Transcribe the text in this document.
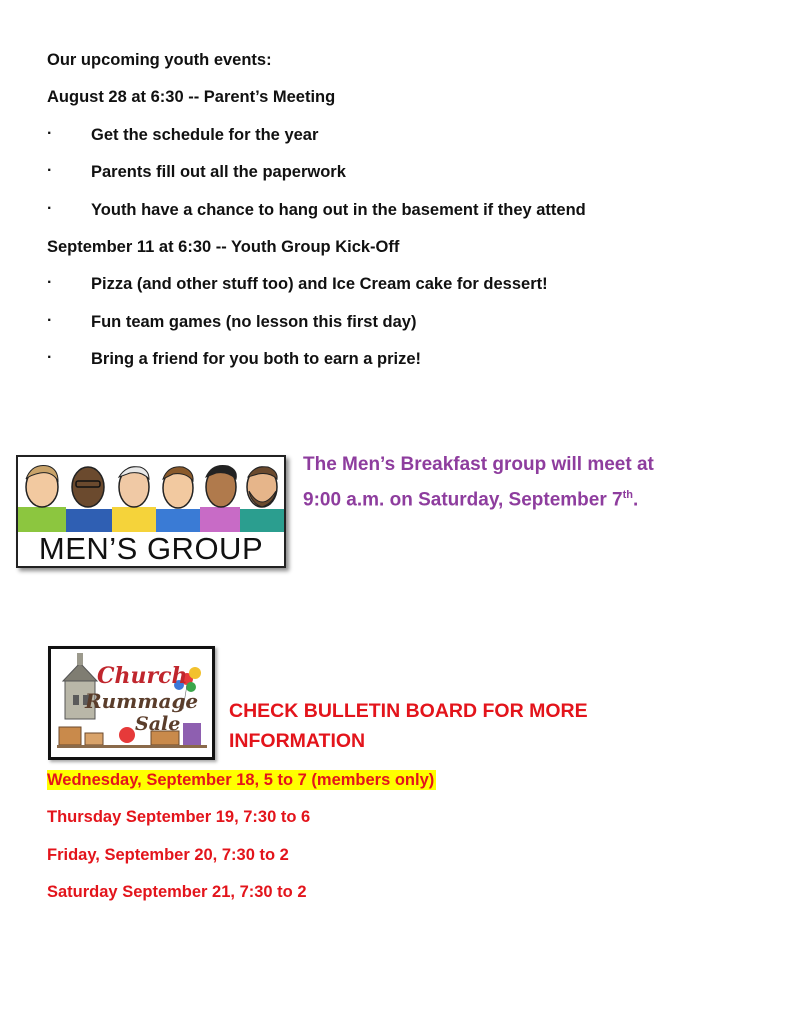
Our upcoming youth events:
August 28 at 6:30 -- Parent’s Meeting
· Get the schedule for the year
· Parents fill out all the paperwork
· Youth have a chance to hang out in the basement if they attend
September 11 at 6:30 -- Youth Group Kick-Off
· Pizza (and other stuff too) and Ice Cream cake for dessert!
· Fun team games (no lesson this first day)
· Bring a friend for you both to earn a prize!
MEN’S GROUP
The Men’s Breakfast group will meet at
9:00 a.m. on Saturday, September 7th.
Church
Rummage
Sale
CHECK BULLETIN BOARD FOR MORE
INFORMATION
Wednesday, September 18, 5 to 7 (members only)
Thursday September 19, 7:30 to 6
Friday, September 20, 7:30 to 2
Saturday September 21, 7:30 to 2
